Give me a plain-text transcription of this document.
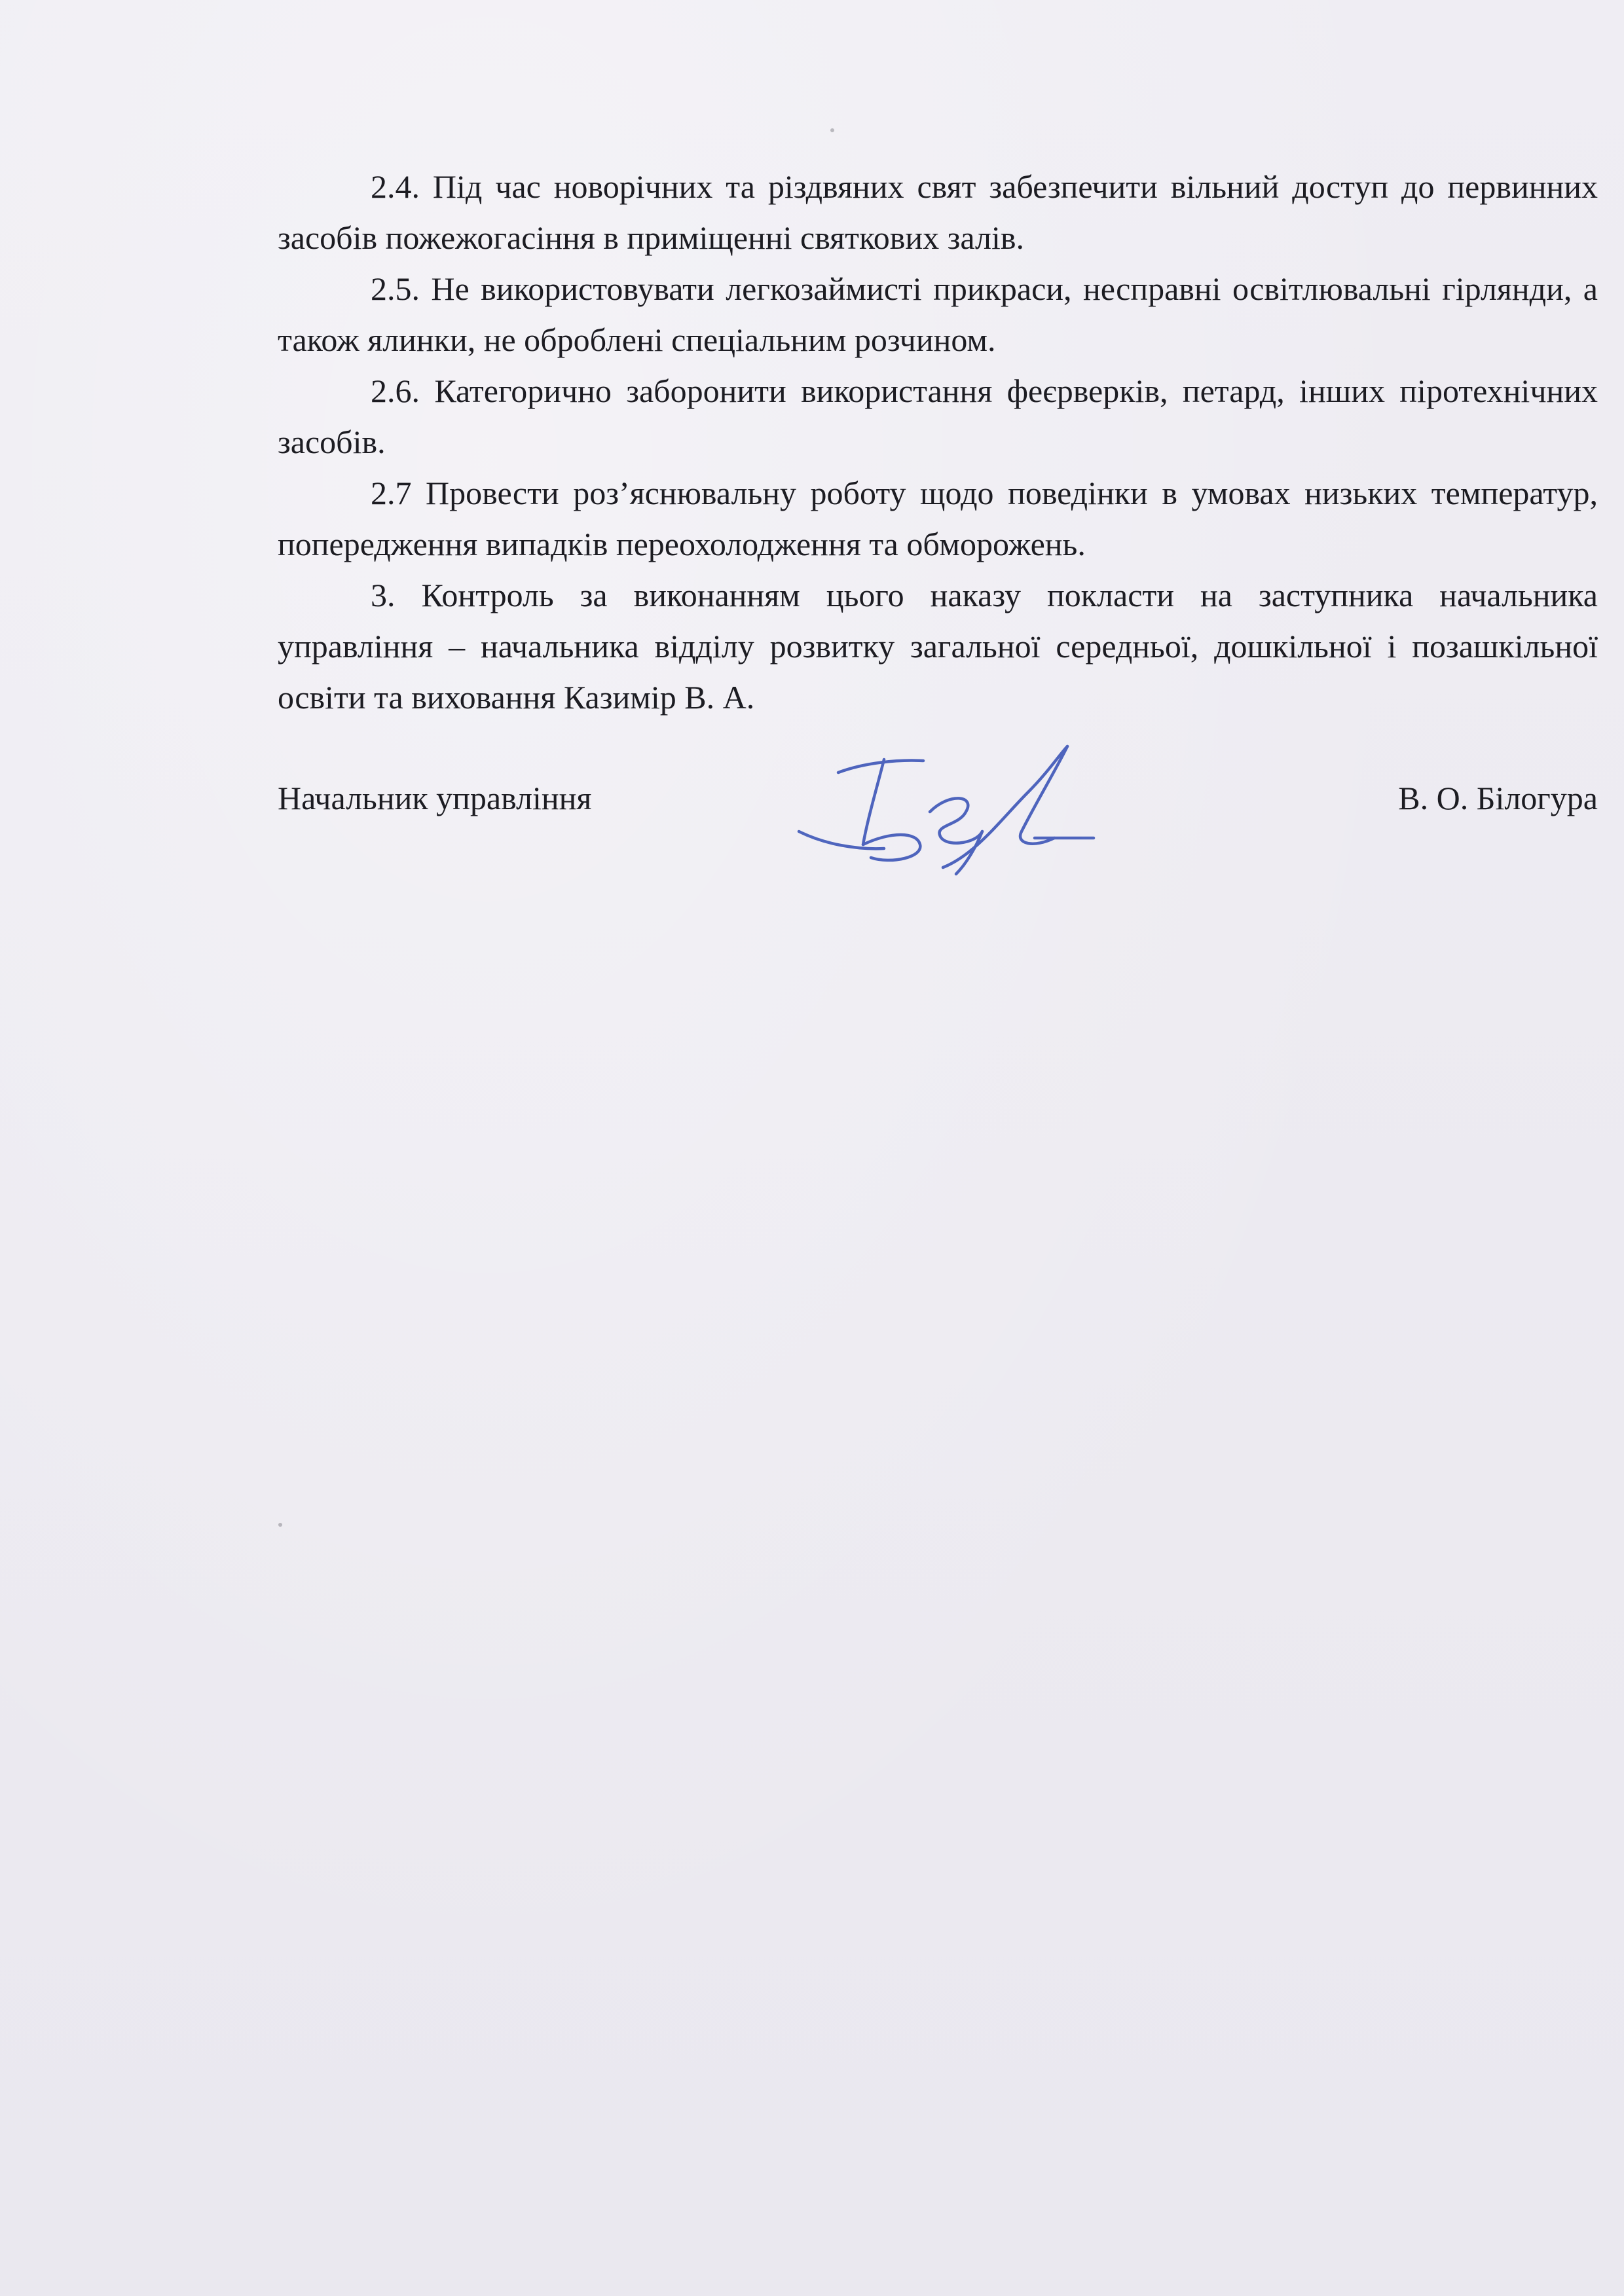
2.4. Під час новорічних та різдвяних свят забезпечити вільний доступ до первинних засобів пожежогасіння в приміщенні святкових залів.

2.5. Не використовувати легкозаймисті прикраси, несправні освітлювальні гірлянди, а також ялинки, не оброблені спеціальним розчином.

2.6. Категорично заборонити використання феєрверків, петард, інших піротехнічних засобів.

2.7 Провести роз’яснювальну роботу щодо поведінки в умовах низьких температур, попередження випадків переохолодження та обморожень.

3. Контроль за виконанням цього наказу покласти на заступника начальника управління – начальника відділу розвитку загальної середньої, дошкільної і позашкільної освіти та виховання Казимір В. А.

Начальник управління	В. О. Білогура
